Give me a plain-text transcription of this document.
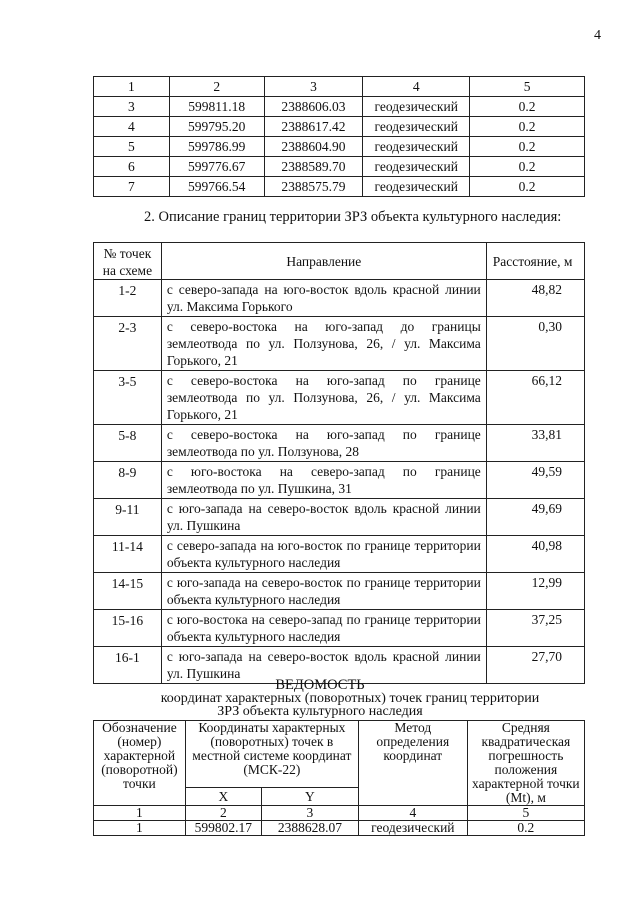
4
1	2	3	4	5
3	599811.18	2388606.03	геодезический	0.2
4	599795.20	2388617.42	геодезический	0.2
5	599786.99	2388604.90	геодезический	0.2
6	599776.67	2388589.70	геодезический	0.2
7	599766.54	2388575.79	геодезический	0.2
2. Описание границ территории ЗРЗ объекта культурного наследия:
№ точек на схеме	Направление	Расстояние, м
1-2	с северо-запада на юго-восток вдоль красной линии ул. Максима Горького	48,82
2-3	с северо-востока на юго-запад до границы землеотвода по ул. Ползунова, 26, / ул. Максима Горького, 21	0,30
3-5	с северо-востока на юго-запад по границе землеотвода по ул. Ползунова, 26, / ул. Максима Горького, 21	66,12
5-8	с северо-востока на юго-запад по границе землеотвода по ул. Ползунова, 28	33,81
8-9	с юго-востока на северо-запад по границе землеотвода по ул. Пушкина, 31	49,59
9-11	с юго-запада на северо-восток вдоль красной линии ул. Пушкина	49,69
11-14	с северо-запада на юго-восток по границе территории объекта культурного наследия	40,98
14-15	с юго-запада на северо-восток по границе территории объекта культурного наследия	12,99
15-16	с юго-востока на северо-запад по границе территории объекта культурного наследия	37,25
16-1	с юго-запада на северо-восток вдоль красной линии ул. Пушкина	27,70
ВЕДОМОСТЬ
координат характерных (поворотных) точек границ территории
ЗРЗ объекта культурного наследия
Обозначение (номер) характерной (поворотной) точки	Координаты характерных (поворотных) точек в местной системе координат (МСК-22)		Метод определения координат	Средняя квадратическая погрешность положения характерной точки (Mt), м
	X	Y		
1	2	3	4	5
1	599802.17	2388628.07	геодезический	0.2
